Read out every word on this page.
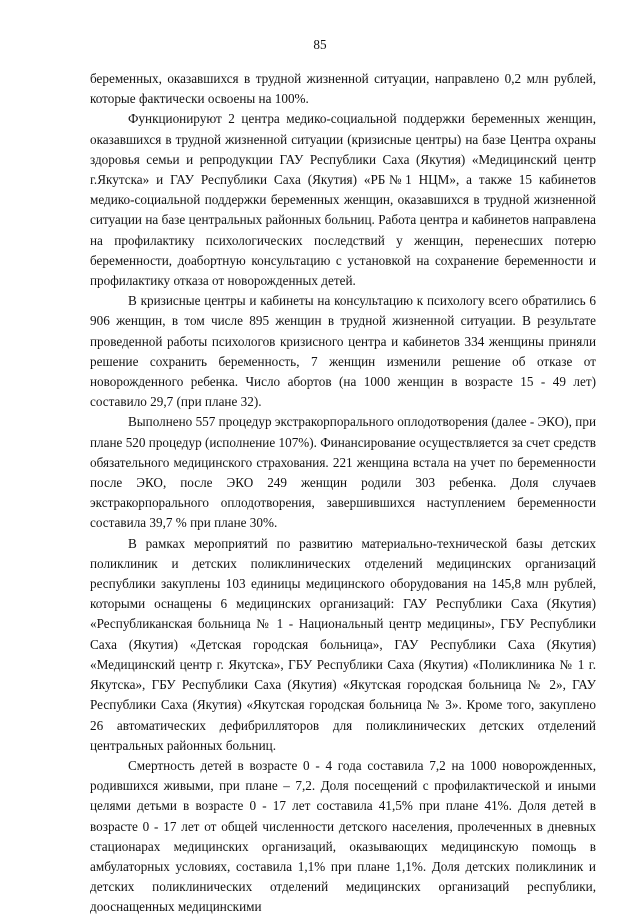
85

беременных, оказавшихся в трудной жизненной ситуации, направлено 0,2 млн рублей, которые фактически освоены на 100%.

Функционируют 2 центра медико-социальной поддержки беременных женщин, оказавшихся в трудной жизненной ситуации (кризисные центры) на базе Центра охраны здоровья семьи и репродукции ГАУ Республики Саха (Якутия) «Медицинский центр г.Якутска» и ГАУ Республики Саха (Якутия) «РБ№1 НЦМ», а также 15 кабинетов медико-социальной поддержки беременных женщин, оказавшихся в трудной жизненной ситуации на базе центральных районных больниц. Работа центра и кабинетов направлена на профилактику психологических последствий у женщин, перенесших потерю беременности, доабортную консультацию с установкой на сохранение беременности и профилактику отказа от новорожденных детей.

В кризисные центры и кабинеты на консультацию к психологу всего обратились 6 906 женщин, в том числе 895 женщин в трудной жизненной ситуации. В результате проведенной работы психологов кризисного центра и кабинетов 334 женщины приняли решение сохранить беременность, 7 женщин изменили решение об отказе от новорожденного ребенка. Число абортов (на 1000 женщин в возрасте 15 - 49 лет) составило 29,7 (при плане 32).

Выполнено 557 процедур экстракорпорального оплодотворения (далее - ЭКО), при плане 520 процедур (исполнение 107%). Финансирование осуществляется за счет средств обязательного медицинского страхования. 221 женщина встала на учет по беременности после ЭКО, после ЭКО 249 женщин родили 303 ребенка. Доля случаев экстракорпорального оплодотворения, завершившихся наступлением беременности составила 39,7 % при плане 30%.

В рамках мероприятий по развитию материально-технической базы детских поликлиник и детских поликлинических отделений медицинских организаций республики закуплены 103 единицы медицинского оборудования на 145,8 млн рублей, которыми оснащены 6 медицинских организаций: ГАУ Республики Саха (Якутия) «Республиканская больница № 1 - Национальный центр медицины», ГБУ Республики Саха (Якутия) «Детская городская больница», ГАУ Республики Саха (Якутия) «Медицинский центр г. Якутска», ГБУ Республики Саха (Якутия) «Поликлиника № 1 г. Якутска», ГБУ Республики Саха (Якутия) «Якутская городская больница № 2», ГАУ Республики Саха (Якутия) «Якутская городская больница № 3». Кроме того, закуплено 26 автоматических дефибрилляторов для поликлинических детских отделений центральных районных больниц.

Смертность детей в возрасте 0 - 4 года составила 7,2 на 1000 новорожденных, родившихся живыми, при плане – 7,2. Доля посещений с профилактической и иными целями детьми в возрасте 0 - 17 лет составила 41,5% при плане 41%. Доля детей в возрасте 0 - 17 лет от общей численности детского населения, пролеченных в дневных стационарах медицинских организаций, оказывающих медицинскую помощь в амбулаторных условиях, составила 1,1% при плане 1,1%. Доля детских поликлиник и детских поликлинических отделений медицинских организаций республики, дооснащенных медицинскими
